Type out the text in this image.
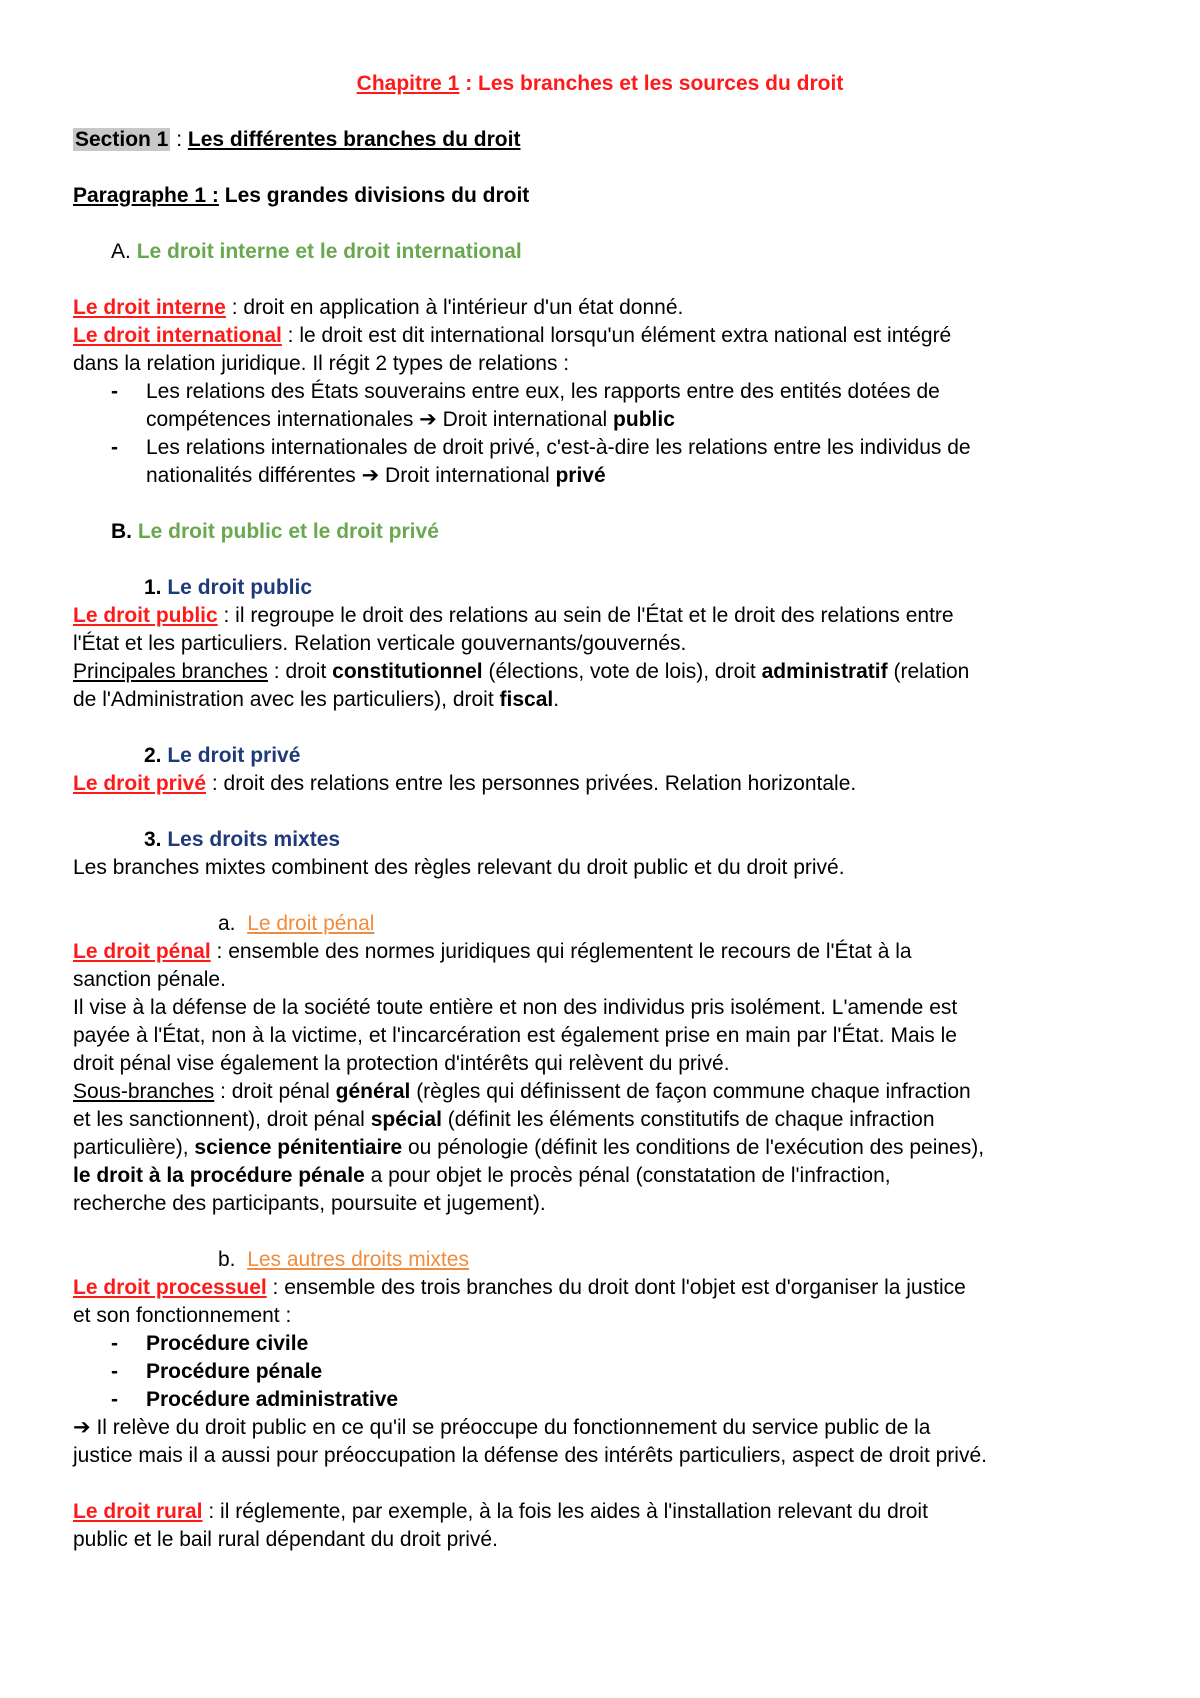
Chapitre 1 : Les branches et les sources du droit
Section 1 : Les différentes branches du droit
Paragraphe 1 : Les grandes divisions du droit
A. Le droit interne et le droit international
Le droit interne : droit en application à l'intérieur d'un état donné.
Le droit international : le droit est dit international lorsqu'un élément extra national est intégré
dans la relation juridique. Il régit 2 types de relations :
- Les relations des États souverains entre eux, les rapports entre des entités dotées de
compétences internationales ➔ Droit international public
- Les relations internationales de droit privé, c'est-à-dire les relations entre les individus de
nationalités différentes ➔ Droit international privé
B. Le droit public et le droit privé
1. Le droit public
Le droit public : il regroupe le droit des relations au sein de l'État et le droit des relations entre
l'État et les particuliers. Relation verticale gouvernants/gouvernés.
Principales branches : droit constitutionnel (élections, vote de lois), droit administratif (relation
de l'Administration avec les particuliers), droit fiscal.
2. Le droit privé
Le droit privé : droit des relations entre les personnes privées. Relation horizontale.
3. Les droits mixtes
Les branches mixtes combinent des règles relevant du droit public et du droit privé.
a. Le droit pénal
Le droit pénal : ensemble des normes juridiques qui réglementent le recours de l'État à la
sanction pénale.
Il vise à la défense de la société toute entière et non des individus pris isolément. L'amende est
payée à l'État, non à la victime, et l'incarcération est également prise en main par l'État. Mais le
droit pénal vise également la protection d'intérêts qui relèvent du privé.
Sous-branches : droit pénal général (règles qui définissent de façon commune chaque infraction
et les sanctionnent), droit pénal spécial (définit les éléments constitutifs de chaque infraction
particulière), science pénitentiaire ou pénologie (définit les conditions de l'exécution des peines),
le droit à la procédure pénale a pour objet le procès pénal (constatation de l'infraction,
recherche des participants, poursuite et jugement).
b. Les autres droits mixtes
Le droit processuel : ensemble des trois branches du droit dont l'objet est d'organiser la justice
et son fonctionnement :
- Procédure civile
- Procédure pénale
- Procédure administrative
➔ Il relève du droit public en ce qu'il se préoccupe du fonctionnement du service public de la
justice mais il a aussi pour préoccupation la défense des intérêts particuliers, aspect de droit privé.
Le droit rural : il réglemente, par exemple, à la fois les aides à l'installation relevant du droit
public et le bail rural dépendant du droit privé.
